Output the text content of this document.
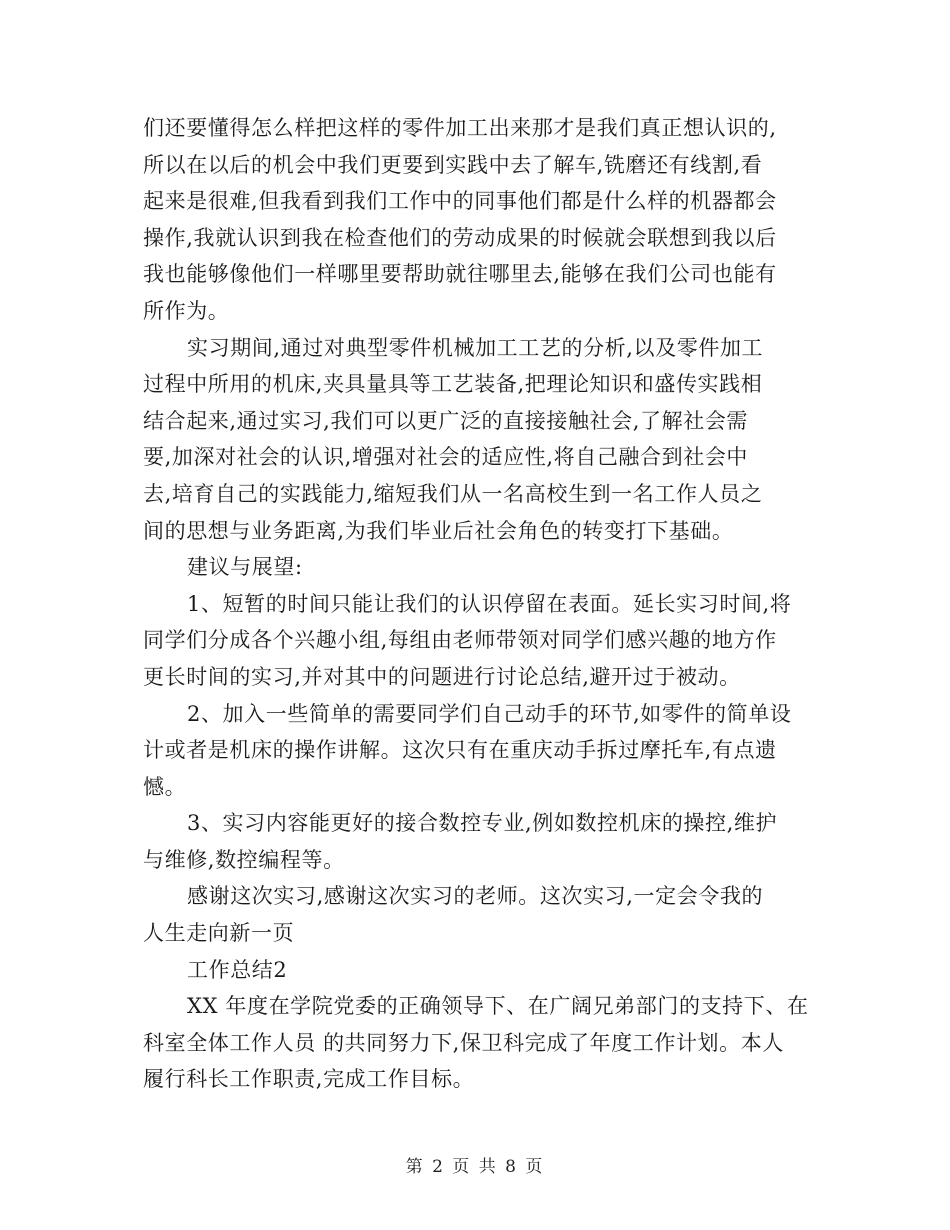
们还要懂得怎么样把这样的零件加工出来那才是我们真正想认识的,
所以在以后的机会中我们更要到实践中去了解车,铣磨还有线割,看
起来是很难,但我看到我们工作中的同事他们都是什么样的机器都会
操作,我就认识到我在检查他们的劳动成果的时候就会联想到我以后
我也能够像他们一样哪里要帮助就往哪里去,能够在我们公司也能有
所作为。
实习期间,通过对典型零件机械加工工艺的分析,以及零件加工
过程中所用的机床,夹具量具等工艺装备,把理论知识和盛传实践相
结合起来,通过实习,我们可以更广泛的直接接触社会,了解社会需
要,加深对社会的认识,增强对社会的适应性,将自己融合到社会中
去,培育自己的实践能力,缩短我们从一名高校生到一名工作人员之
间的思想与业务距离,为我们毕业后社会角色的转变打下基础。
建议与展望:
1、短暂的时间只能让我们的认识停留在表面。延长实习时间,将
同学们分成各个兴趣小组,每组由老师带领对同学们感兴趣的地方作
更长时间的实习,并对其中的问题进行讨论总结,避开过于被动。
2、加入一些简单的需要同学们自己动手的环节,如零件的简单设
计或者是机床的操作讲解。这次只有在重庆动手拆过摩托车,有点遗
憾。
3、实习内容能更好的接合数控专业,例如数控机床的操控,维护
与维修,数控编程等。
感谢这次实习,感谢这次实习的老师。这次实习,一定会令我的
人生走向新一页
工作总结2
XX 年度在学院党委的正确领导下、在广阔兄弟部门的支持下、在
科室全体工作人员 的共同努力下,保卫科完成了年度工作计划。本人
履行科长工作职责,完成工作目标。
第 2 页 共 8 页
